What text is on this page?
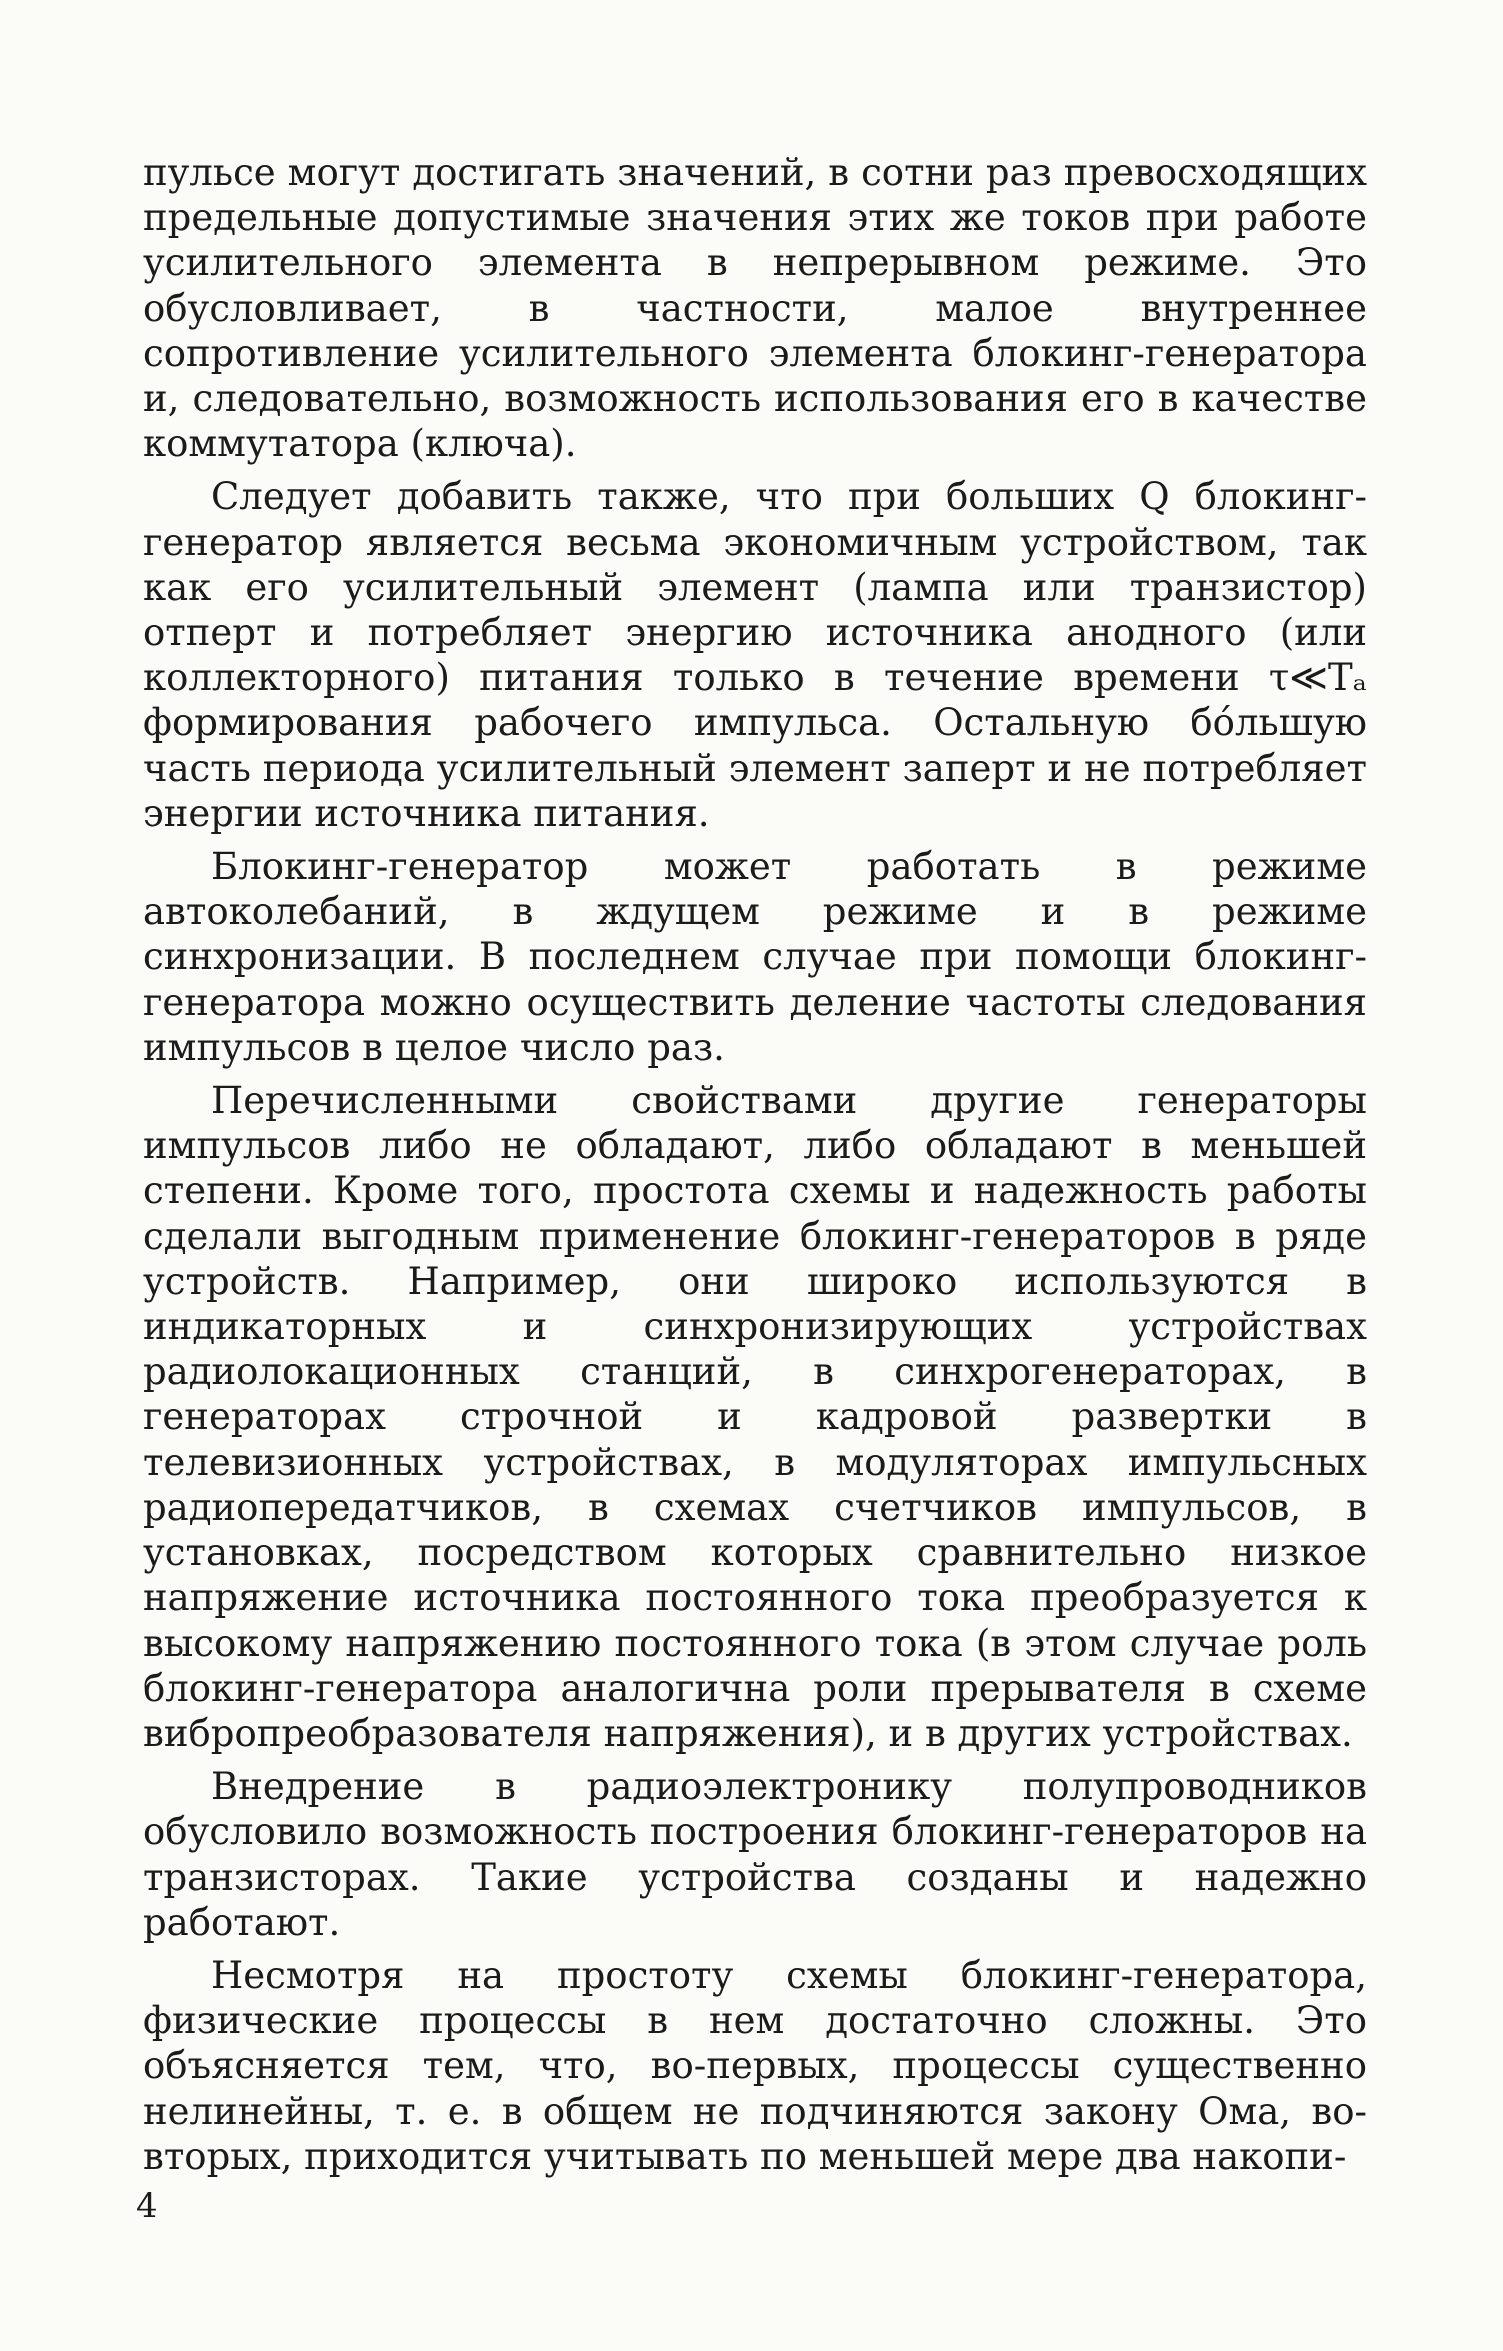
пульсе могут достигать значений, в сотни раз превосходящих предельные допустимые значения этих же токов при работе усилительного элемента в непрерывном режиме. Это обусловливает, в частности, малое внутреннее сопротивление усилительного элемента блокинг-генератора и, следовательно, возможность использования его в качестве коммутатора (ключа).

Следует добавить также, что при больших Q блокинг-генератор является весьма экономичным устройством, так как его усилительный элемент (лампа или транзистор) отперт и потребляет энергию источника анодного (или коллекторного) питания только в течение времени τ≪Tₐ формирования рабочего импульса. Остальную бо́льшую часть периода усилительный элемент заперт и не потребляет энергии источника питания.

Блокинг-генератор может работать в режиме автоколебаний, в ждущем режиме и в режиме синхронизации. В последнем случае при помощи блокинг-генератора можно осуществить деление частоты следования импульсов в целое число раз.

Перечисленными свойствами другие генераторы импульсов либо не обладают, либо обладают в меньшей степени. Кроме того, простота схемы и надежность работы сделали выгодным применение блокинг-генераторов в ряде устройств. Например, они широко используются в индикаторных и синхронизирующих устройствах радиолокационных станций, в синхрогенераторах, в генераторах строчной и кадровой развертки в телевизионных устройствах, в модуляторах импульсных радиопередатчиков, в схемах счетчиков импульсов, в установках, посредством которых сравнительно низкое напряжение источника постоянного тока преобразуется к высокому напряжению постоянного тока (в этом случае роль блокинг-генератора аналогична роли прерывателя в схеме вибропреобразователя напряжения), и в других устройствах.

Внедрение в радиоэлектронику полупроводников обусловило возможность построения блокинг-генераторов на транзисторах. Такие устройства созданы и надежно работают.

Несмотря на простоту схемы блокинг-генератора, физические процессы в нем достаточно сложны. Это объясняется тем, что, во-первых, процессы существенно нелинейны, т. е. в общем не подчиняются закону Ома, во-вторых, приходится учитывать по меньшей мере два накопи-

4
